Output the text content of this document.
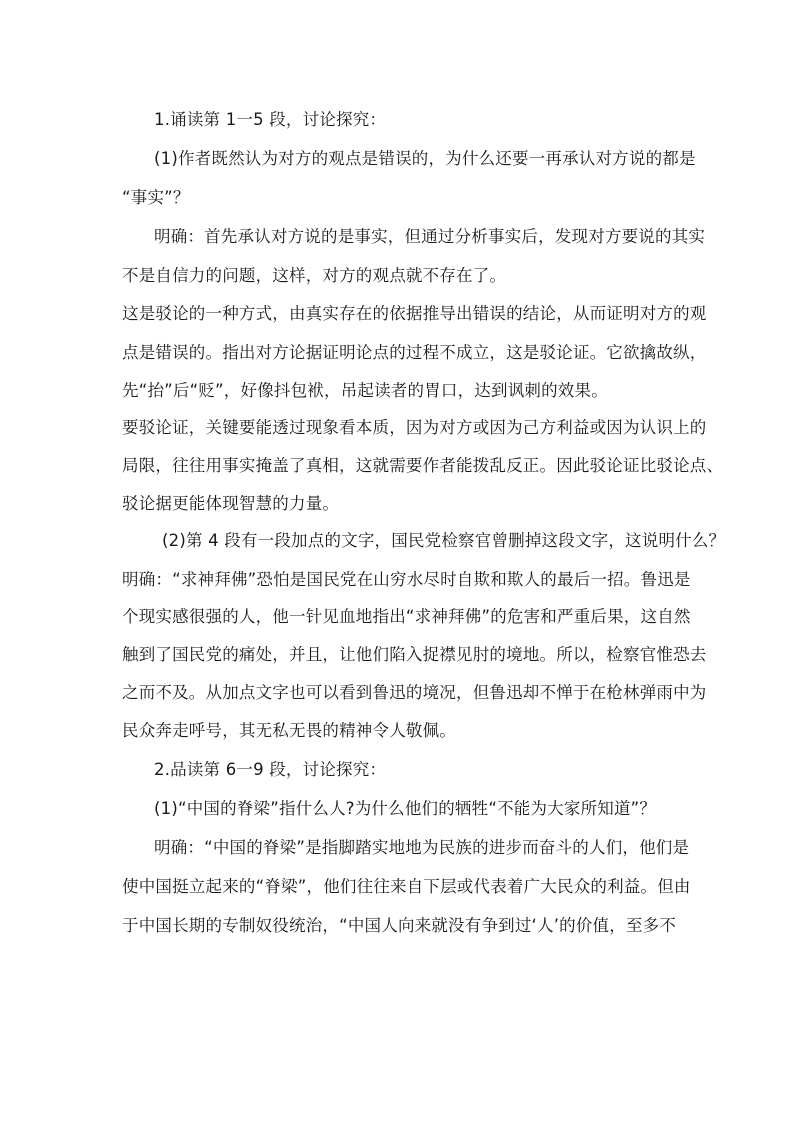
1.诵读第 1一5 段，讨论探究：
(1)作者既然认为对方的观点是错误的，为什么还要一再承认对方说的都是
“事实”？
明确：首先承认对方说的是事实，但通过分析事实后，发现对方要说的其实
不是自信力的问题，这样，对方的观点就不存在了。
这是驳论的一种方式，由真实存在的依据推导出错误的结论，从而证明对方的观
点是错误的。指出对方论据证明论点的过程不成立，这是驳论证。它欲擒故纵，
先“抬”后“贬”，好像抖包袱，吊起读者的胃口，达到讽刺的效果。
要驳论证，关键要能透过现象看本质，因为对方或因为己方利益或因为认识上的
局限，往往用事实掩盖了真相，这就需要作者能拨乱反正。因此驳论证比驳论点、
驳论据更能体现智慧的力量。
(2)第 4 段有一段加点的文字，国民党检察官曾删掉这段文字，这说明什么？
明确：“求神拜佛”恐怕是国民党在山穷水尽时自欺和欺人的最后一招。鲁迅是
个现实感很强的人，他一针见血地指出“求神拜佛”的危害和严重后果，这自然
触到了国民党的痛处，并且，让他们陷入捉襟见肘的境地。所以，检察官惟恐去
之而不及。从加点文字也可以看到鲁迅的境况，但鲁迅却不惮于在枪林弹雨中为
民众奔走呼号，其无私无畏的精神令人敬佩。
2.品读第 6一9 段，讨论探究：
(1)“中国的脊梁”指什么人?为什么他们的牺牲“不能为大家所知道”？
明确：“中国的脊梁”是指脚踏实地地为民族的进步而奋斗的人们，他们是
使中国挺立起来的“脊梁”，他们往往来自下层或代表着广大民众的利益。但由
于中国长期的专制奴役统治，“中国人向来就没有争到过‘人’的价值，至多不
